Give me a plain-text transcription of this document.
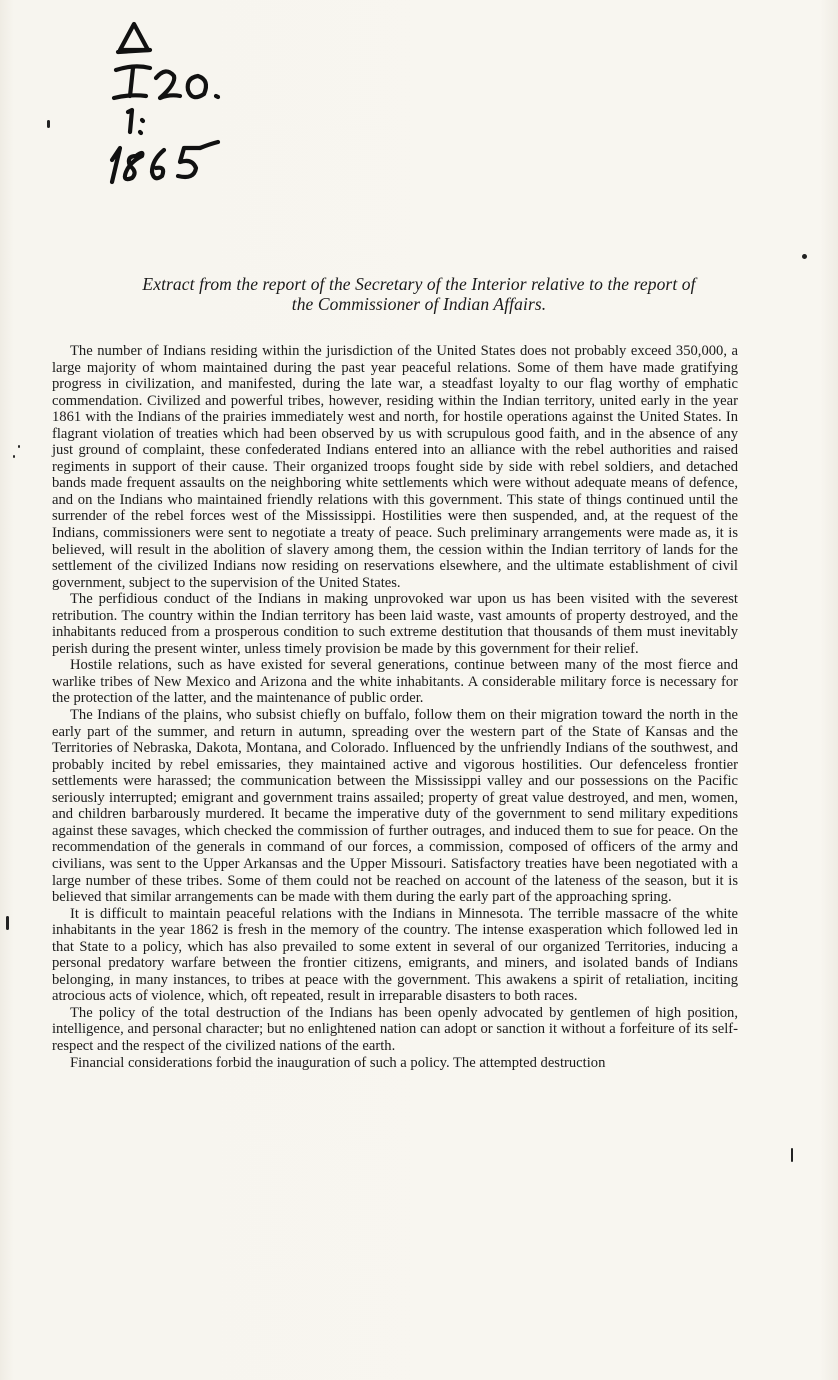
Extract from the report of the Secretary of the Interior relative to the report of
the Commissioner of Indian Affairs.

The number of Indians residing within the jurisdiction of the United States does not probably exceed 350,000, a large majority of whom maintained during the past year peaceful relations. Some of them have made gratifying progress in civilization, and manifested, during the late war, a steadfast loyalty to our flag worthy of emphatic commendation. Civilized and powerful tribes, however, residing within the Indian territory, united early in the year 1861 with the Indians of the prairies immediately west and north, for hostile operations against the United States. In flagrant violation of treaties which had been observed by us with scrupulous good faith, and in the absence of any just ground of complaint, these confederated Indians entered into an alliance with the rebel authorities and raised regiments in support of their cause. Their organized troops fought side by side with rebel soldiers, and detached bands made frequent assaults on the neighboring white settlements which were without adequate means of defence, and on the Indians who maintained friendly relations with this government. This state of things continued until the surrender of the rebel forces west of the Mississippi. Hostilities were then suspended, and, at the request of the Indians, commissioners were sent to negotiate a treaty of peace. Such preliminary arrangements were made as, it is believed, will result in the abolition of slavery among them, the cession within the Indian territory of lands for the settlement of the civilized Indians now residing on reservations elsewhere, and the ultimate establishment of civil government, subject to the supervision of the United States.

The perfidious conduct of the Indians in making unprovoked war upon us has been visited with the severest retribution. The country within the Indian territory has been laid waste, vast amounts of property destroyed, and the inhabitants reduced from a prosperous condition to such extreme destitution that thousands of them must inevitably perish during the present winter, unless timely provision be made by this government for their relief.

Hostile relations, such as have existed for several generations, continue between many of the most fierce and warlike tribes of New Mexico and Arizona and the white inhabitants. A considerable military force is necessary for the protection of the latter, and the maintenance of public order.

The Indians of the plains, who subsist chiefly on buffalo, follow them on their migration toward the north in the early part of the summer, and return in autumn, spreading over the western part of the State of Kansas and the Territories of Nebraska, Dakota, Montana, and Colorado. Influenced by the unfriendly Indians of the southwest, and probably incited by rebel emissaries, they maintained active and vigorous hostilities. Our defenceless frontier settlements were harassed; the communication between the Mississippi valley and our possessions on the Pacific seriously interrupted; emigrant and government trains assailed; property of great value destroyed, and men, women, and children barbarously murdered. It became the imperative duty of the government to send military expeditions against these savages, which checked the commission of further outrages, and induced them to sue for peace. On the recommendation of the generals in command of our forces, a commission, composed of officers of the army and civilians, was sent to the Upper Arkansas and the Upper Missouri. Satisfactory treaties have been negotiated with a large number of these tribes. Some of them could not be reached on account of the lateness of the season, but it is believed that similar arrangements can be made with them during the early part of the approaching spring.

It is difficult to maintain peaceful relations with the Indians in Minnesota. The terrible massacre of the white inhabitants in the year 1862 is fresh in the memory of the country. The intense exasperation which followed led in that State to a policy, which has also prevailed to some extent in several of our organized Territories, inducing a personal predatory warfare between the frontier citizens, emigrants, and miners, and isolated bands of Indians belonging, in many instances, to tribes at peace with the government. This awakens a spirit of retaliation, inciting atrocious acts of violence, which, oft repeated, result in irreparable disasters to both races.

The policy of the total destruction of the Indians has been openly advocated by gentlemen of high position, intelligence, and personal character; but no enlightened nation can adopt or sanction it without a forfeiture of its self-respect and the respect of the civilized nations of the earth.

Financial considerations forbid the inauguration of such a policy. The attempted destruction
